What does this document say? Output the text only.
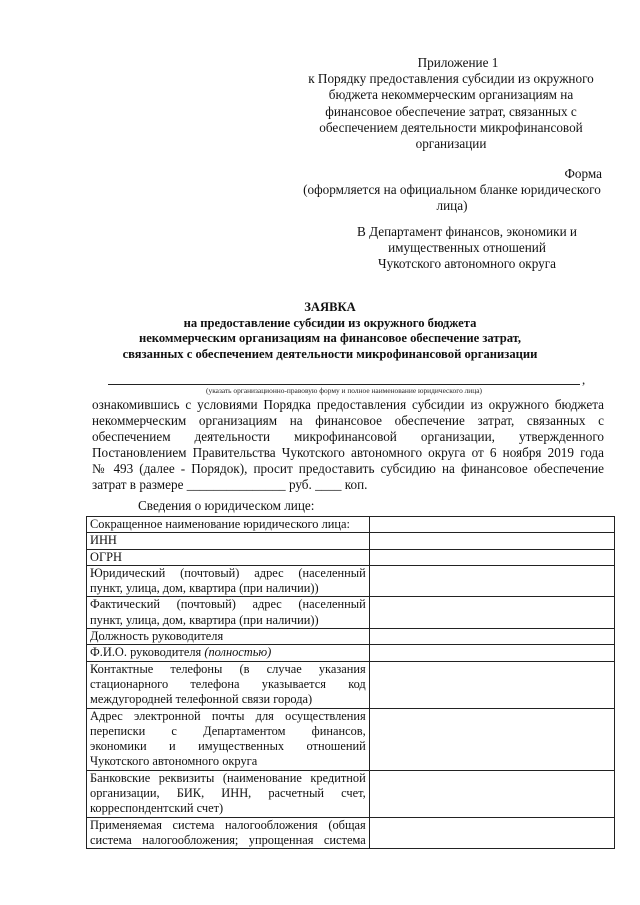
Приложение 1
к Порядку предоставления субсидии из окружного
бюджета некоммерческим организациям на
финансовое обеспечение затрат, связанных с
обеспечением деятельности микрофинансовой
организации
Форма
(оформляется на официальном бланке юридического
лица)
В Департамент финансов, экономики и
имущественных отношений
Чукотского автономного округа
ЗАЯВКА
на предоставление субсидии из окружного бюджета
некоммерческим организациям на финансовое обеспечение затрат,
связанных с обеспечением деятельности микрофинансовой организации
,
(указать организационно-правовую форму и полное наименование юридического лица)
ознакомившись с условиями Порядка предоставления субсидии из окружного бюджета
некоммерческим организациям на финансовое обеспечение затрат, связанных с
обеспечением деятельности микрофинансовой организации, утвержденного
Постановлением Правительства Чукотского автономного округа от 6 ноября 2019 года
№ 493 (далее - Порядок), просит предоставить субсидию на финансовое обеспечение
затрат в размере _______________ руб. ____ коп.
Сведения о юридическом лице:
Сокращенное наименование юридического лица:	

ИНН	

ОГРН	

Юридический (почтовый) адрес (населенный
пункт, улица, дом, квартира (при наличии))	

Фактический (почтовый) адрес (населенный
пункт, улица, дом, квартира (при наличии))	

Должность руководителя	

Ф.И.О. руководителя (полностью)	

Контактные телефоны (в случае указания
стационарного телефона указывается код
междугородней телефонной связи города)	

Адрес электронной почты для осуществления
переписки с Департаментом финансов,
экономики и имущественных отношений
Чукотского автономного округа	

Банковские реквизиты (наименование кредитной
организации, БИК, ИНН, расчетный счет,
корреспондентский счет)	

Применяемая система налогообложения (общая
система налогообложения; упрощенная система	
